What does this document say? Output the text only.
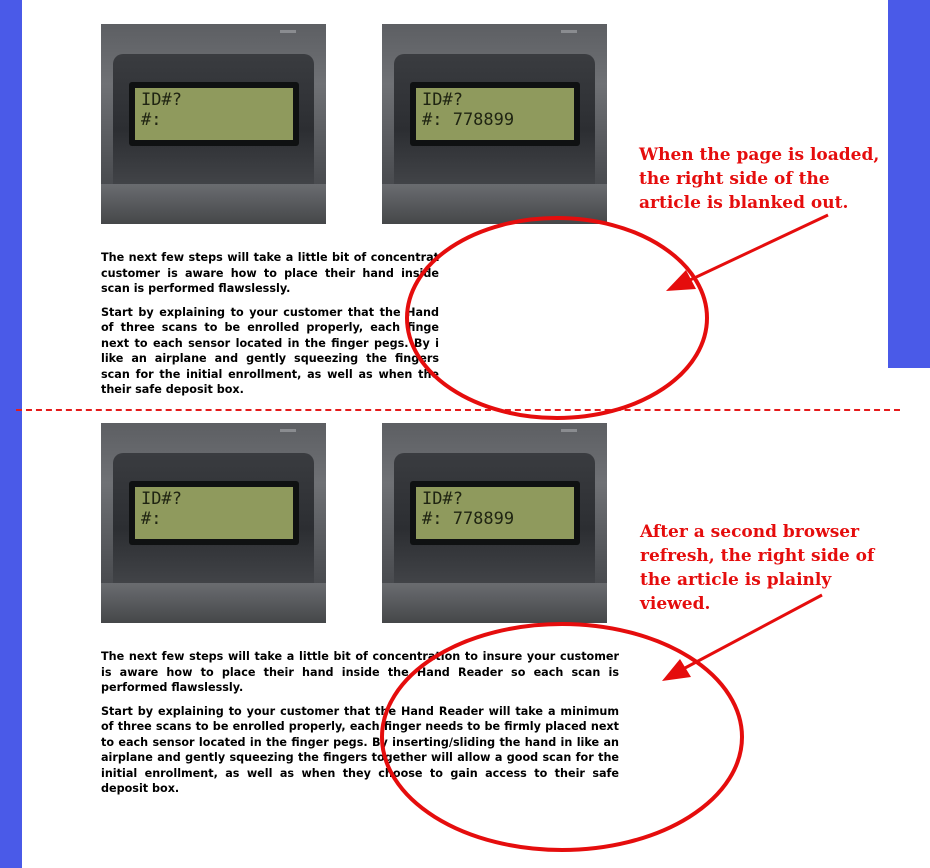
ID#?
#:
ID#?
#: 778899

The next few steps will take a little bit of concentrat customer is aware how to place their hand inside scan is performed flawslessly.

Start by explaining to your customer that the Hand of three scans to be enrolled properly, each finge next to each sensor located in the finger pegs. By i like an airplane and gently squeezing the fingers scan for the initial enrollment, as well as when the their safe deposit box.

When the page is loaded,
the right side of the
article is blanked out.
ID#?
#:
ID#?
#: 778899

The next few steps will take a little bit of concentration to insure your customer is aware how to place their hand inside the Hand Reader so each scan is performed flawslessly.

Start by explaining to your customer that the Hand Reader will take a minimum of three scans to be enrolled properly, each finger needs to be firmly placed next to each sensor located in the finger pegs. By inserting/sliding the hand in like an airplane and gently squeezing the fingers together will allow a good scan for the initial enrollment, as well as when they choose to gain access to their safe deposit box.

After a second browser
refresh, the right side of
the article is plainly
viewed.
